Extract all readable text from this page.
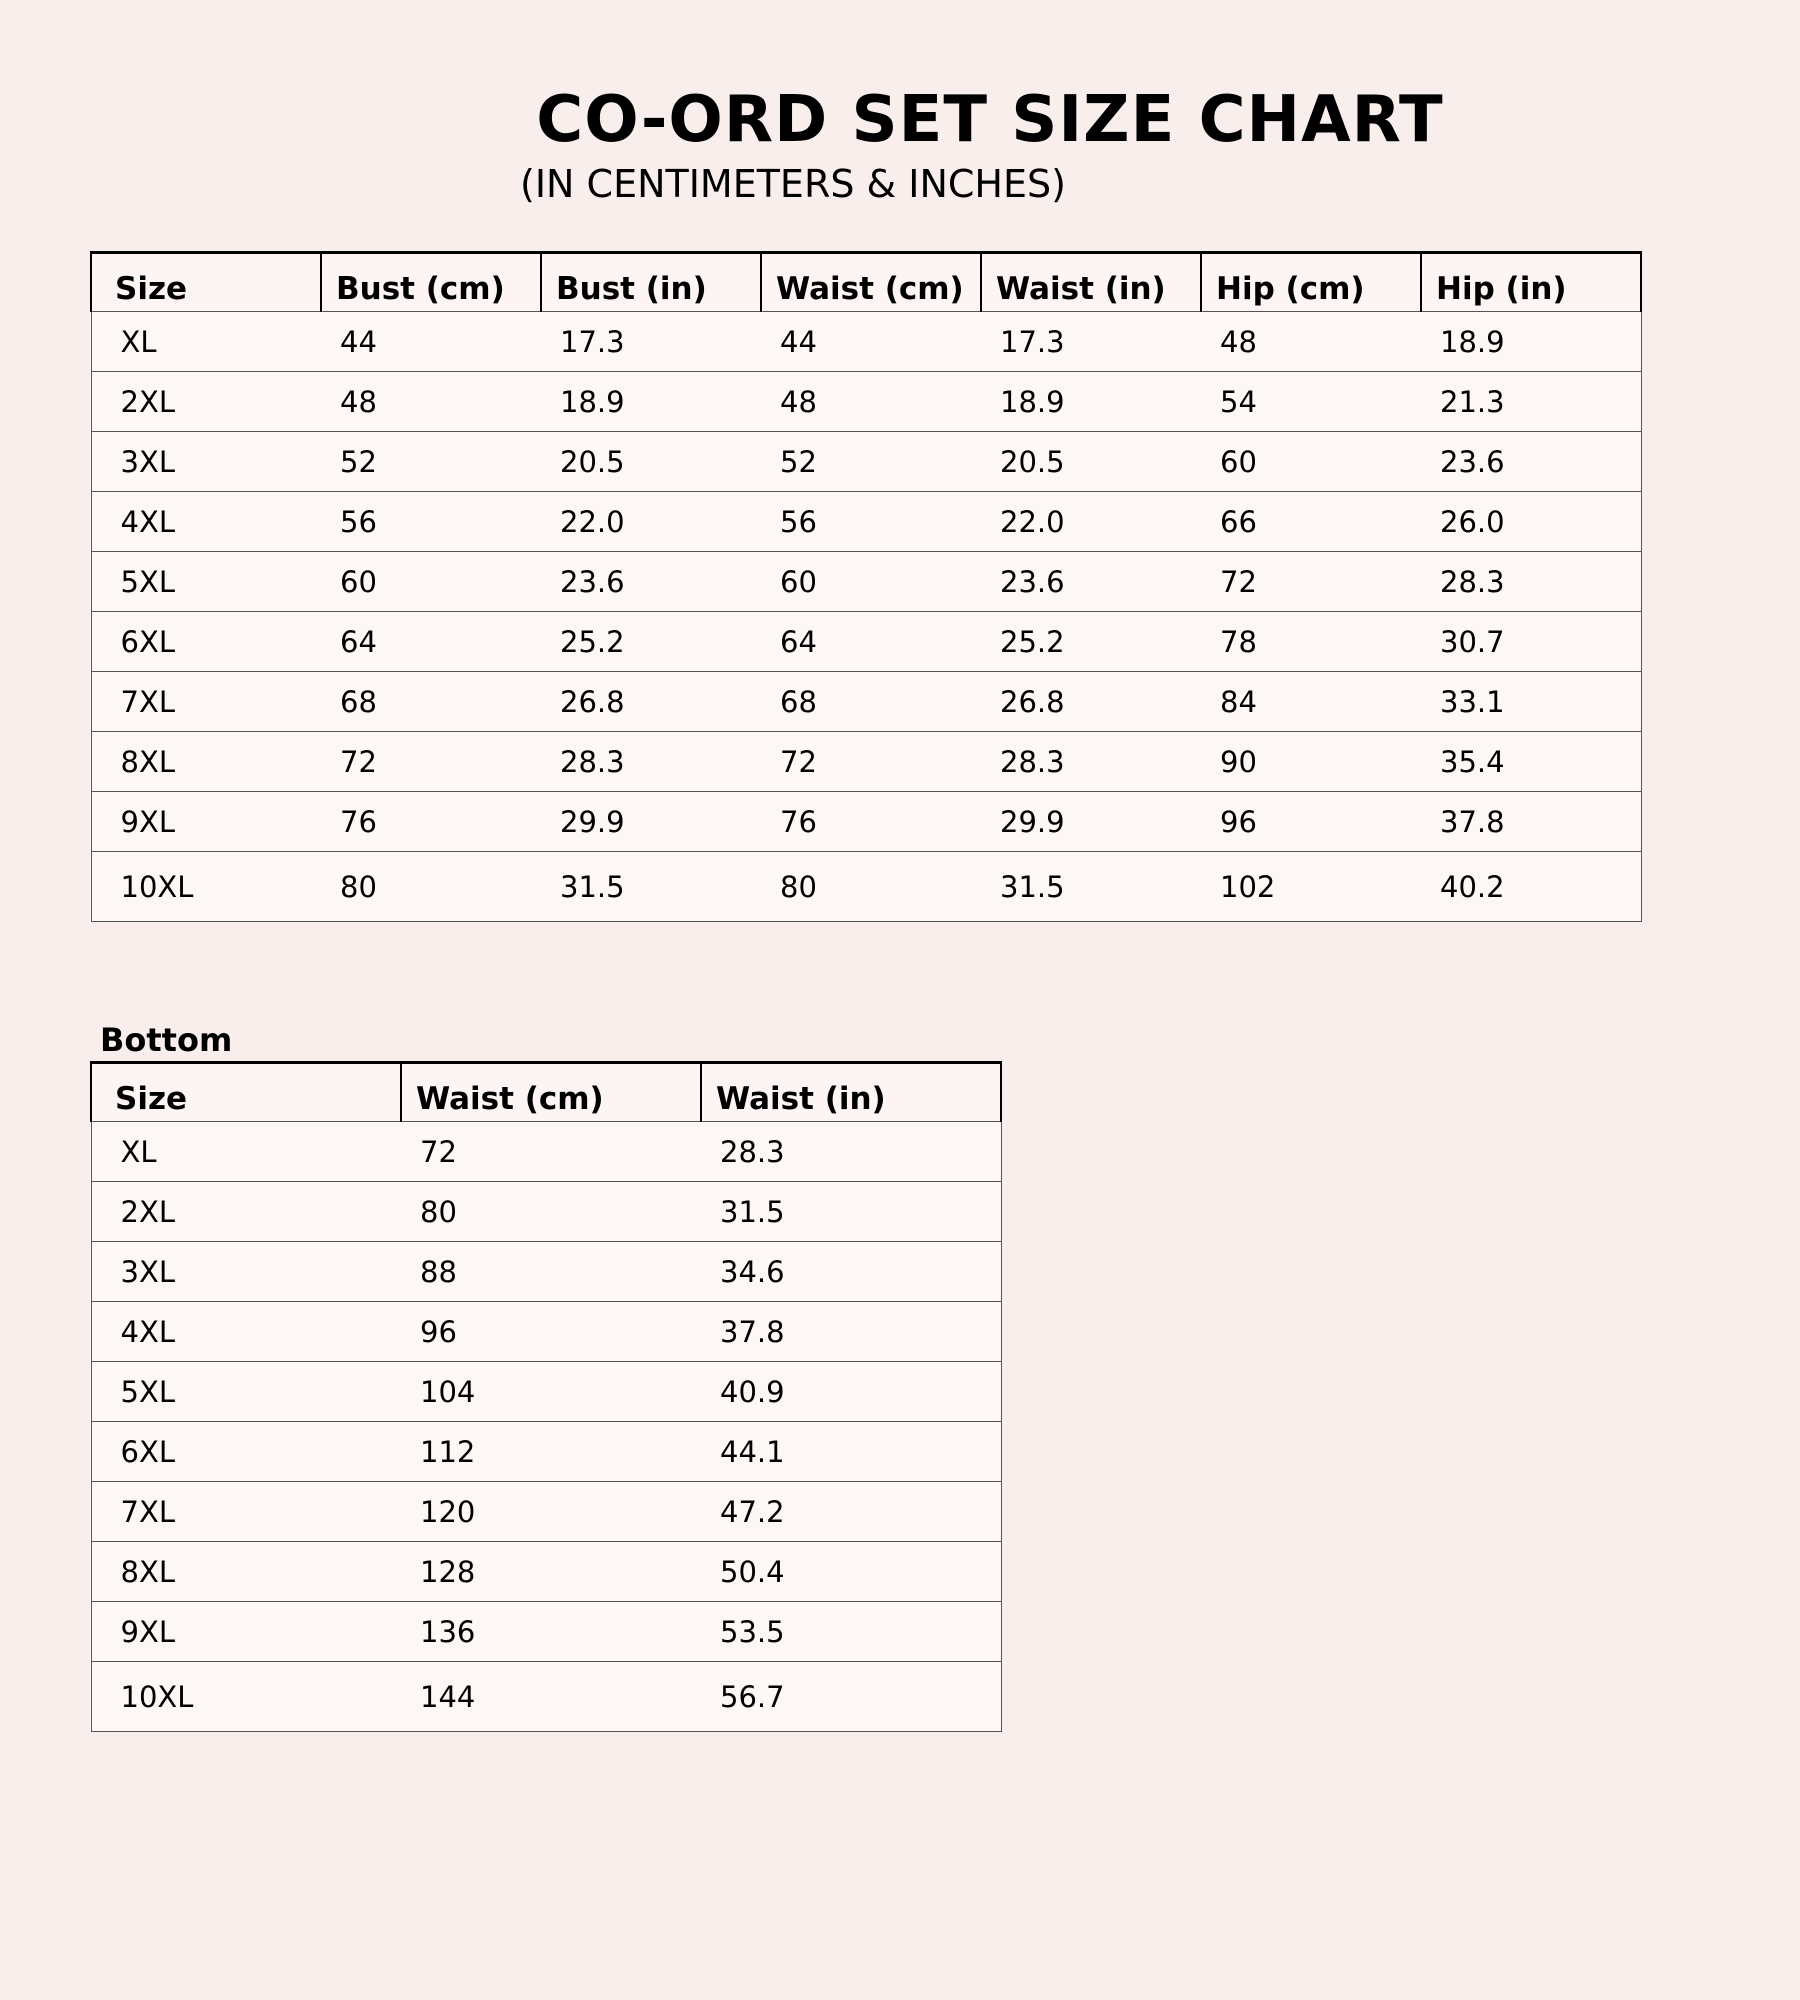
CO-ORD SET SIZE CHART

(IN CENTIMETERS & INCHES)

Size	Bust (cm)	Bust (in)	Waist (cm)	Waist (in)	Hip (cm)	Hip (in)
XL	44	17.3	44	17.3	48	18.9
2XL	48	18.9	48	18.9	54	21.3
3XL	52	20.5	52	20.5	60	23.6
4XL	56	22.0	56	22.0	66	26.0
5XL	60	23.6	60	23.6	72	28.3
6XL	64	25.2	64	25.2	78	30.7
7XL	68	26.8	68	26.8	84	33.1
8XL	72	28.3	72	28.3	90	35.4
9XL	76	29.9	76	29.9	96	37.8
10XL	80	31.5	80	31.5	102	40.2
Bottom
Size	Waist (cm)	Waist (in)
XL	72	28.3
2XL	80	31.5
3XL	88	34.6
4XL	96	37.8
5XL	104	40.9
6XL	112	44.1
7XL	120	47.2
8XL	128	50.4
9XL	136	53.5
10XL	144	56.7
